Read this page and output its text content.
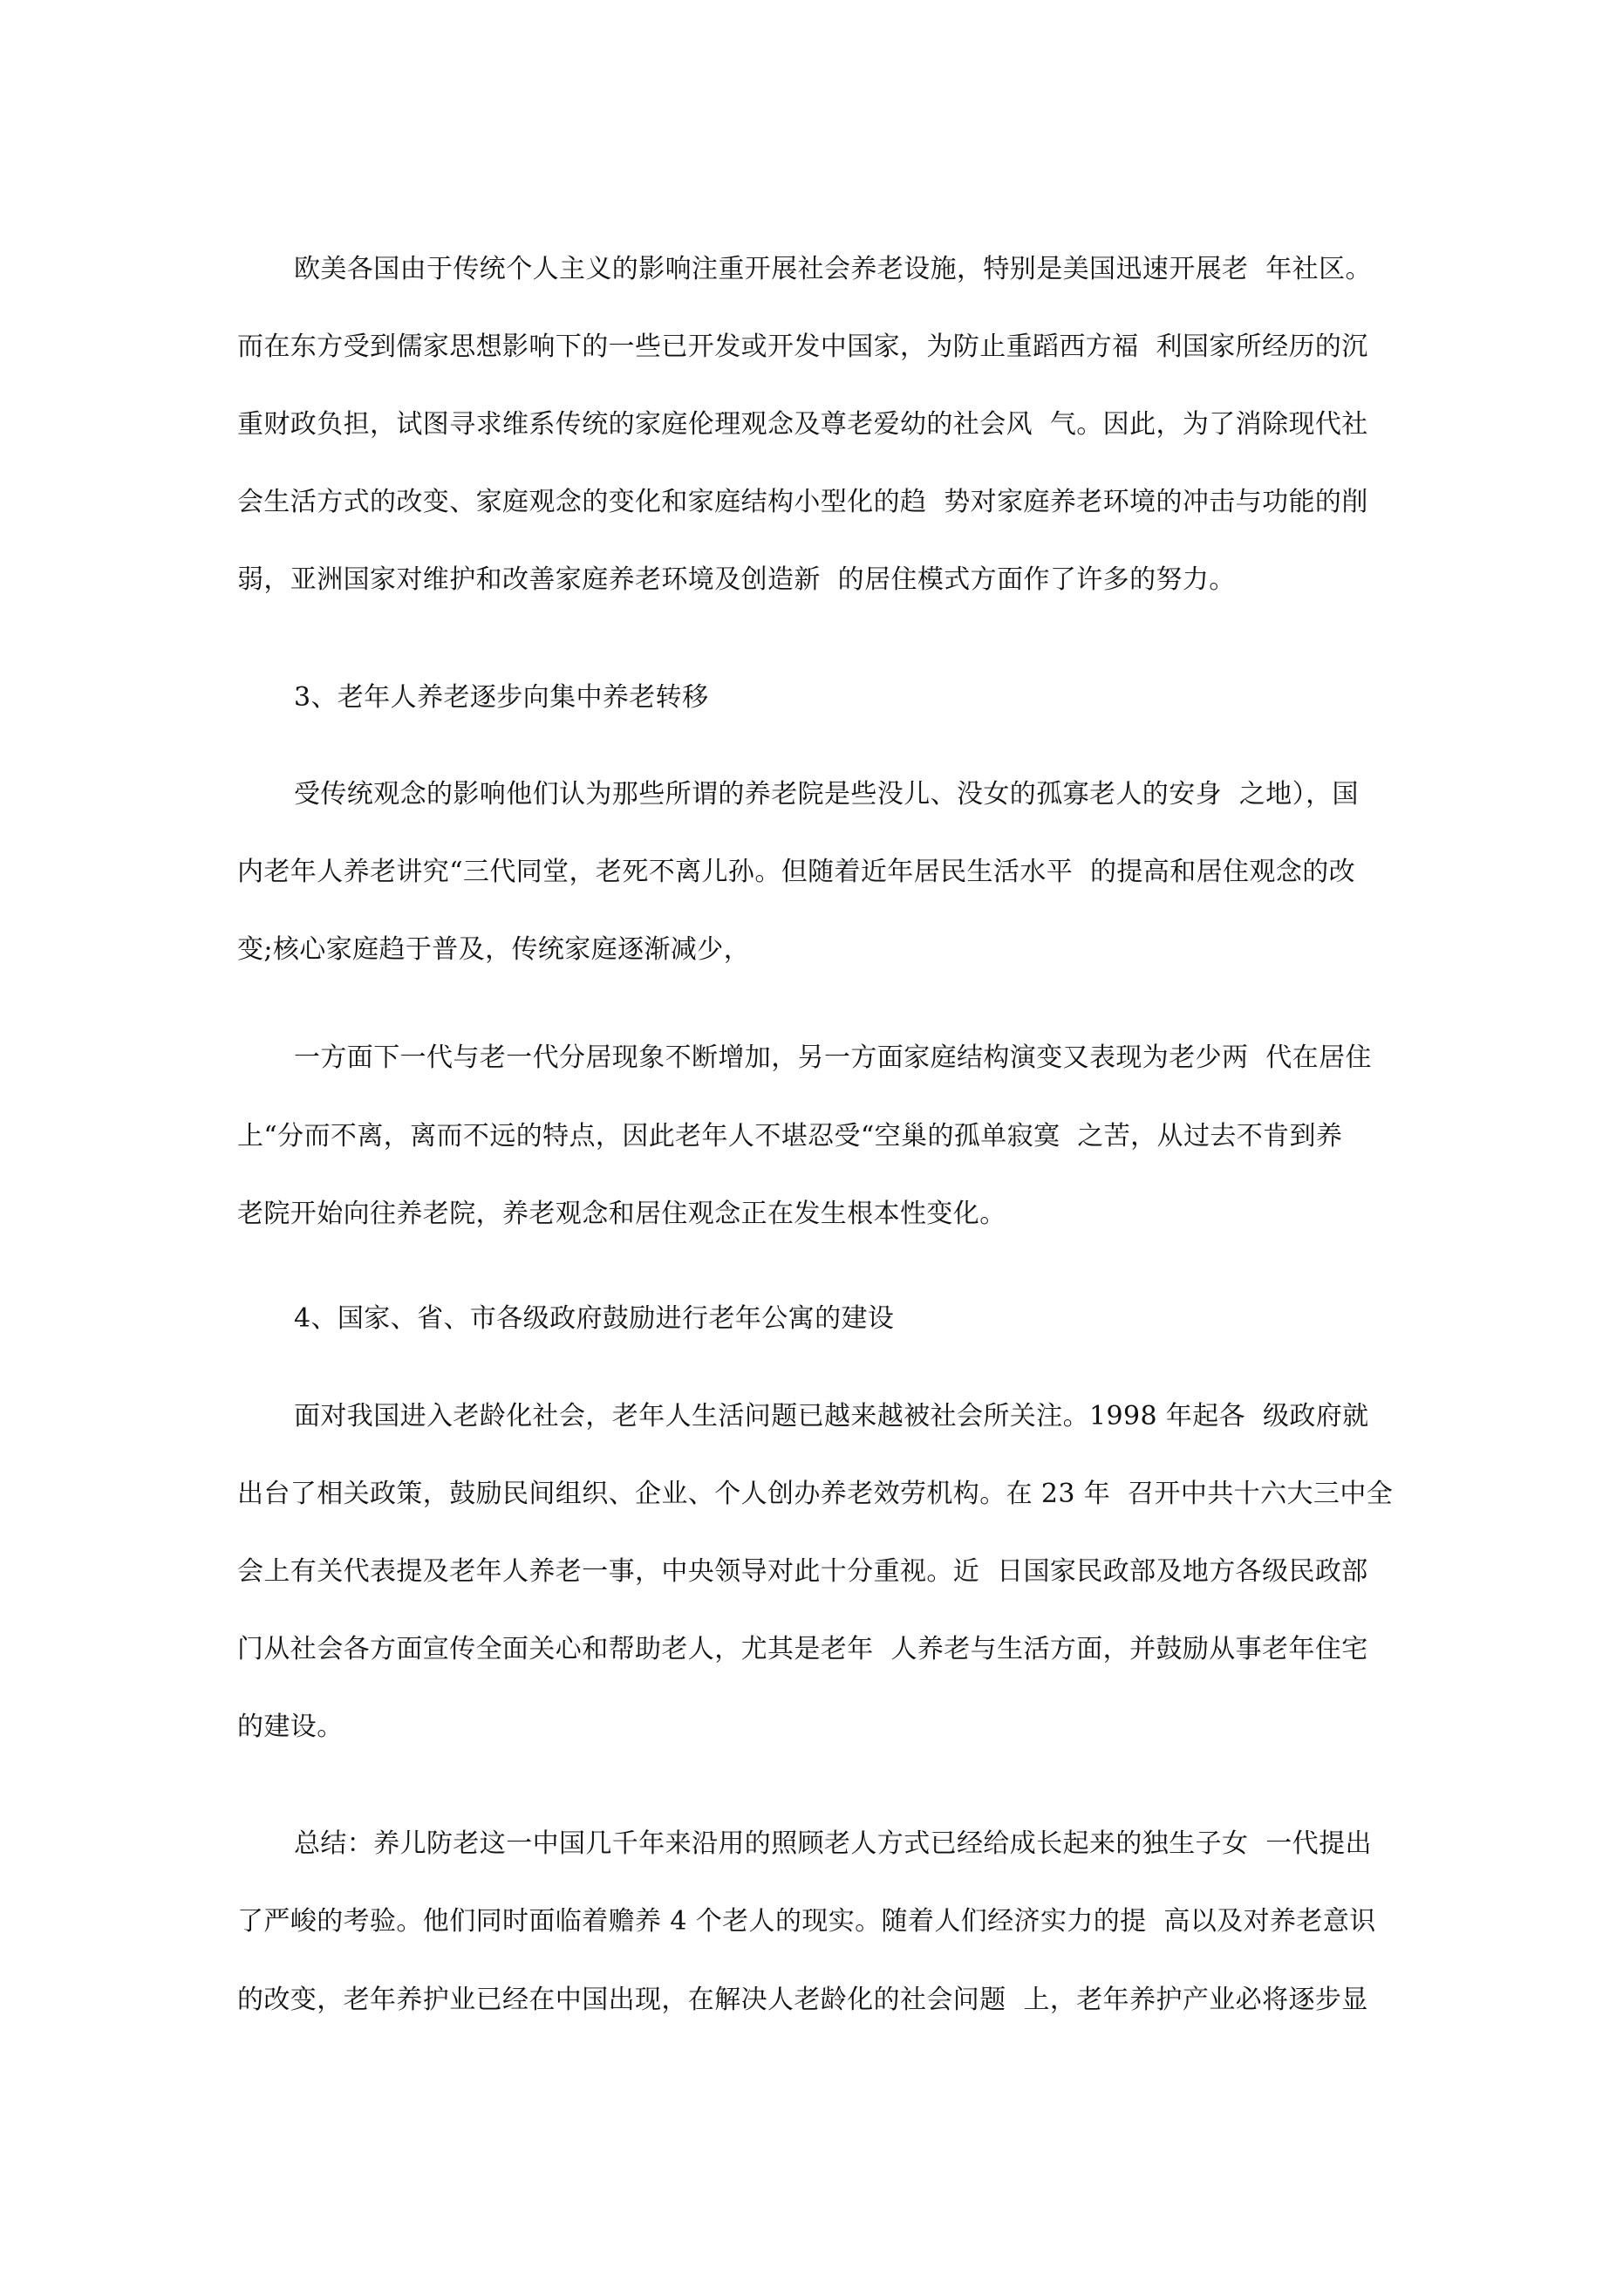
欧美各国由于传统个人主义的影响注重开展社会养老设施，特别是美国迅速开展老  年社区。
而在东方受到儒家思想影响下的一些已开发或开发中国家，为防止重蹈西方福  利国家所经历的沉
重财政负担，试图寻求维系传统的家庭伦理观念及尊老爱幼的社会风  气。因此，为了消除现代社
会生活方式的改变、家庭观念的变化和家庭结构小型化的趋  势对家庭养老环境的冲击与功能的削
弱，亚洲国家对维护和改善家庭养老环境及创造新  的居住模式方面作了许多的努力。
3、老年人养老逐步向集中养老转移
受传统观念的影响他们认为那些所谓的养老院是些没儿、没女的孤寡老人的安身  之地），国
内老年人养老讲究“三代同堂，老死不离儿孙。但随着近年居民生活水平  的提高和居住观念的改
变;核心家庭趋于普及，传统家庭逐渐减少，
一方面下一代与老一代分居现象不断增加，另一方面家庭结构演变又表现为老少两  代在居住
上“分而不离，离而不远的特点，因此老年人不堪忍受“空巢的孤单寂寞  之苦，从过去不肯到养
老院开始向往养老院，养老观念和居住观念正在发生根本性变化。
4、国家、省、市各级政府鼓励进行老年公寓的建设
面对我国进入老龄化社会，老年人生活问题已越来越被社会所关注。1998 年起各  级政府就
出台了相关政策，鼓励民间组织、企业、个人创办养老效劳机构。在 23 年  召开中共十六大三中全
会上有关代表提及老年人养老一事，中央领导对此十分重视。近  日国家民政部及地方各级民政部
门从社会各方面宣传全面关心和帮助老人，尤其是老年  人养老与生活方面，并鼓励从事老年住宅
的建设。
总结：养儿防老这一中国几千年来沿用的照顾老人方式已经给成长起来的独生子女  一代提出
了严峻的考验。他们同时面临着赡养 4 个老人的现实。随着人们经济实力的提  高以及对养老意识
的改变，老年养护业已经在中国出现，在解决人老龄化的社会问题  上，老年养护产业必将逐步显
